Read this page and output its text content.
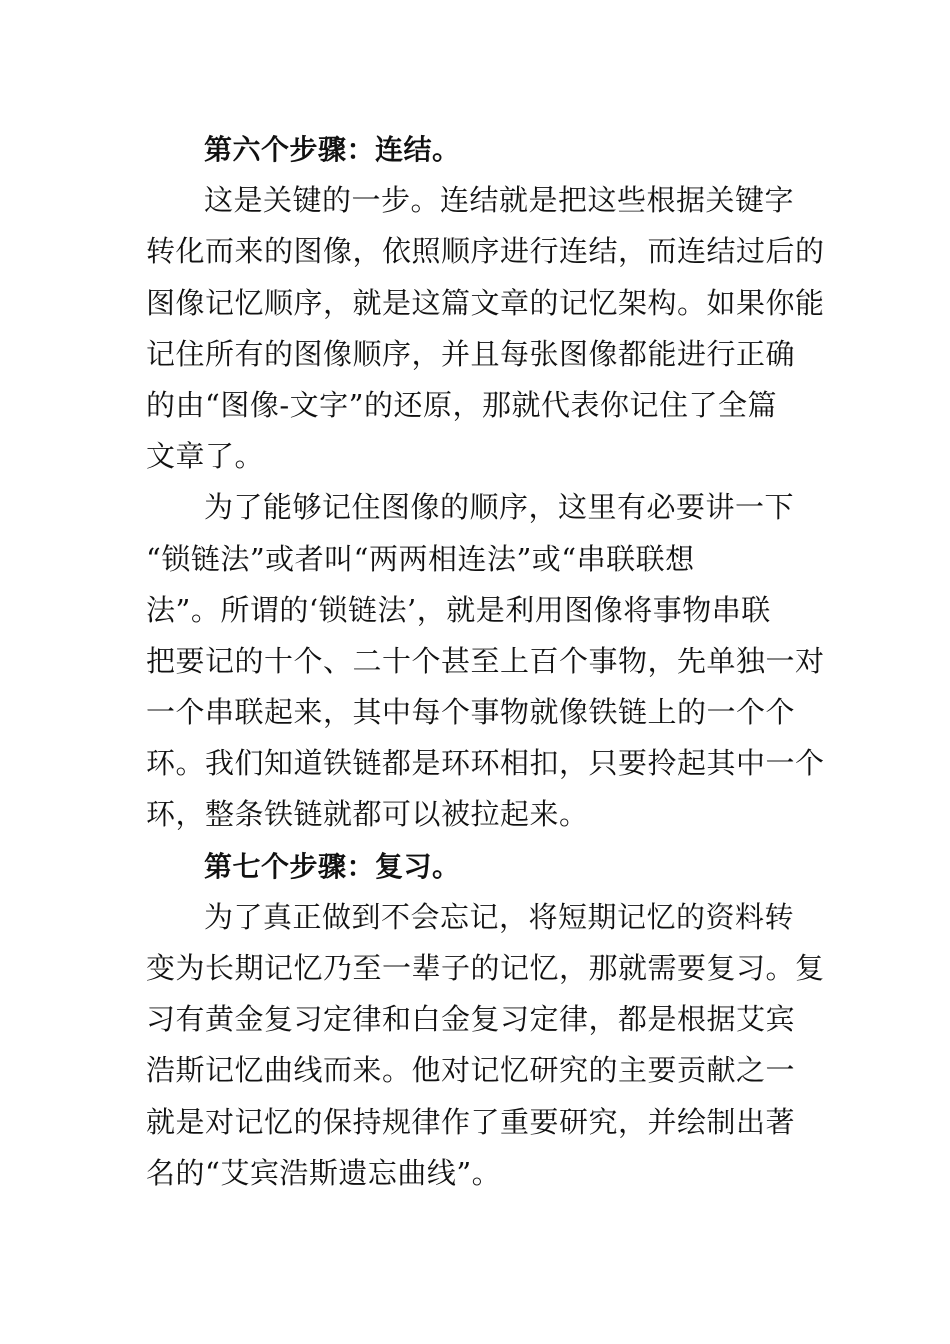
第六个步骤：连结。
这是关键的一步。连结就是把这些根据关键字
转化而来的图像，依照顺序进行连结，而连结过后的
图像记忆顺序，就是这篇文章的记忆架构。如果你能
记住所有的图像顺序，并且每张图像都能进行正确
的由“图像-文字”的还原，那就代表你记住了全篇
文章了。
为了能够记住图像的顺序，这里有必要讲一下
“锁链法”或者叫“两两相连法”或“串联联想
法”。所谓的‘锁链法’，就是利用图像将事物串联
把要记的十个、二十个甚至上百个事物，先单独一对
一个串联起来，其中每个事物就像铁链上的一个个
环。我们知道铁链都是环环相扣，只要拎起其中一个
环，整条铁链就都可以被拉起来。
第七个步骤：复习。
为了真正做到不会忘记，将短期记忆的资料转
变为长期记忆乃至一辈子的记忆，那就需要复习。复
习有黄金复习定律和白金复习定律，都是根据艾宾
浩斯记忆曲线而来。他对记忆研究的主要贡献之一
就是对记忆的保持规律作了重要研究，并绘制出著
名的“艾宾浩斯遗忘曲线”。
